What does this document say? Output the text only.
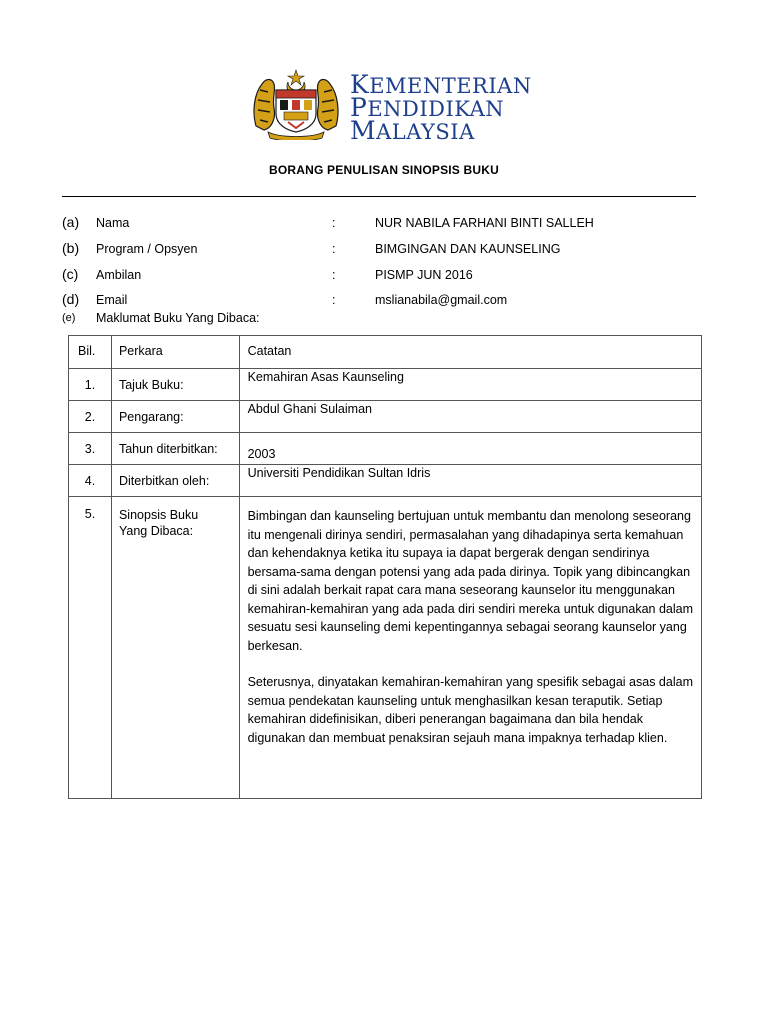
KEMENTERIAN
PENDIDIKAN
MALAYSIA
BORANG PENULISAN SINOPSIS BUKU
(a) Nama	:	NUR NABILA FARHANI BINTI SALLEH
(b) Program / Opsyen	:	BIMGINGAN DAN KAUNSELING
(c) Ambilan	:	PISMP JUN 2016
(d) Email	:	mslianabila@gmail.com
(e) Maklumat Buku Yang Dibaca:
Bil.	Perkara	Catatan

1.	Tajuk Buku:	Kemahiran Asas Kaunseling

2.	Pengarang:	Abdul Ghani Sulaiman

3.	Tahun diterbitkan:	2003

4.	Diterbitkan oleh:	Universiti Pendidikan Sultan Idris

5.	Sinopsis Buku Yang Dibaca:	Bimbingan dan kaunseling bertujuan untuk membantu dan menolong seseorang itu mengenali dirinya sendiri, permasalahan yang dihadapinya serta kemahuan dan kehendaknya ketika itu supaya ia dapat bergerak dengan sendirinya bersama-sama dengan potensi yang ada pada dirinya. Topik yang dibincangkan di sini adalah berkait rapat cara mana seseorang kaunselor itu menggunakan kemahiran-kemahiran yang ada pada diri sendiri mereka untuk digunakan dalam sesuatu sesi kaunseling demi kepentingannya sebagai seorang kaunselor yang berkesan.

Seterusnya, dinyatakan kemahiran-kemahiran yang spesifik sebagai asas dalam semua pendekatan kaunseling untuk menghasilkan kesan teraputik. Setiap kemahiran didefinisikan, diberi penerangan bagaimana dan bila hendak digunakan dan membuat penaksiran sejauh mana impaknya terhadap klien.
